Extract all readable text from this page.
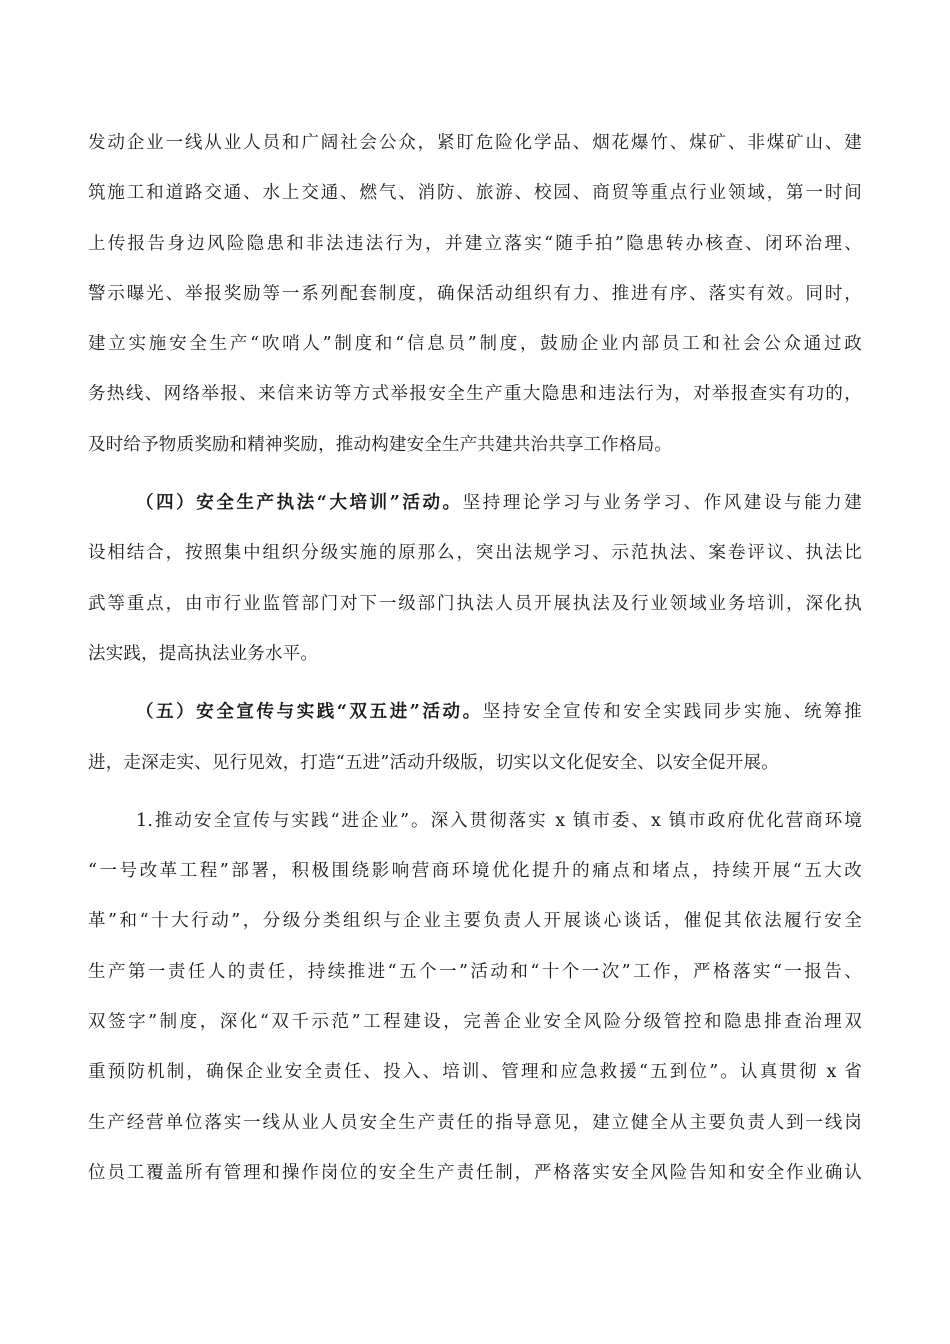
发动企业一线从业人员和广阔社会公众，紧盯危险化学品、烟花爆竹、煤矿、非煤矿山、建
筑施工和道路交通、水上交通、燃气、消防、旅游、校园、商贸等重点行业领域，第一时间
上传报告身边风险隐患和非法违法行为，并建立落实“随手拍”隐患转办核查、闭环治理、
警示曝光、举报奖励等一系列配套制度，确保活动组织有力、推进有序、落实有效。同时，
建立实施安全生产“吹哨人”制度和“信息员”制度，鼓励企业内部员工和社会公众通过政
务热线、网络举报、来信来访等方式举报安全生产重大隐患和违法行为，对举报查实有功的，
及时给予物质奖励和精神奖励，推动构建安全生产共建共治共享工作格局。
（四）安全生产执法“大培训”活动。坚持理论学习与业务学习、作风建设与能力建
设相结合，按照集中组织分级实施的原那么，突出法规学习、示范执法、案卷评议、执法比
武等重点，由市行业监管部门对下一级部门执法人员开展执法及行业领域业务培训，深化执
法实践，提高执法业务水平。
（五）安全宣传与实践“双五进”活动。坚持安全宣传和安全实践同步实施、统筹推
进，走深走实、见行见效，打造“五进”活动升级版，切实以文化促安全、以安全促开展。
1.推动安全宣传与实践“进企业”。深入贯彻落实 x 镇市委、x 镇市政府优化营商环境
“一号改革工程”部署，积极围绕影响营商环境优化提升的痛点和堵点，持续开展“五大改
革”和“十大行动”，分级分类组织与企业主要负责人开展谈心谈话，催促其依法履行安全
生产第一责任人的责任，持续推进“五个一”活动和“十个一次”工作，严格落实“一报告、
双签字”制度，深化“双千示范”工程建设，完善企业安全风险分级管控和隐患排查治理双
重预防机制，确保企业安全责任、投入、培训、管理和应急救援“五到位”。认真贯彻 x 省
生产经营单位落实一线从业人员安全生产责任的指导意见，建立健全从主要负责人到一线岗
位员工覆盖所有管理和操作岗位的安全生产责任制，严格落实安全风险告知和安全作业确认
